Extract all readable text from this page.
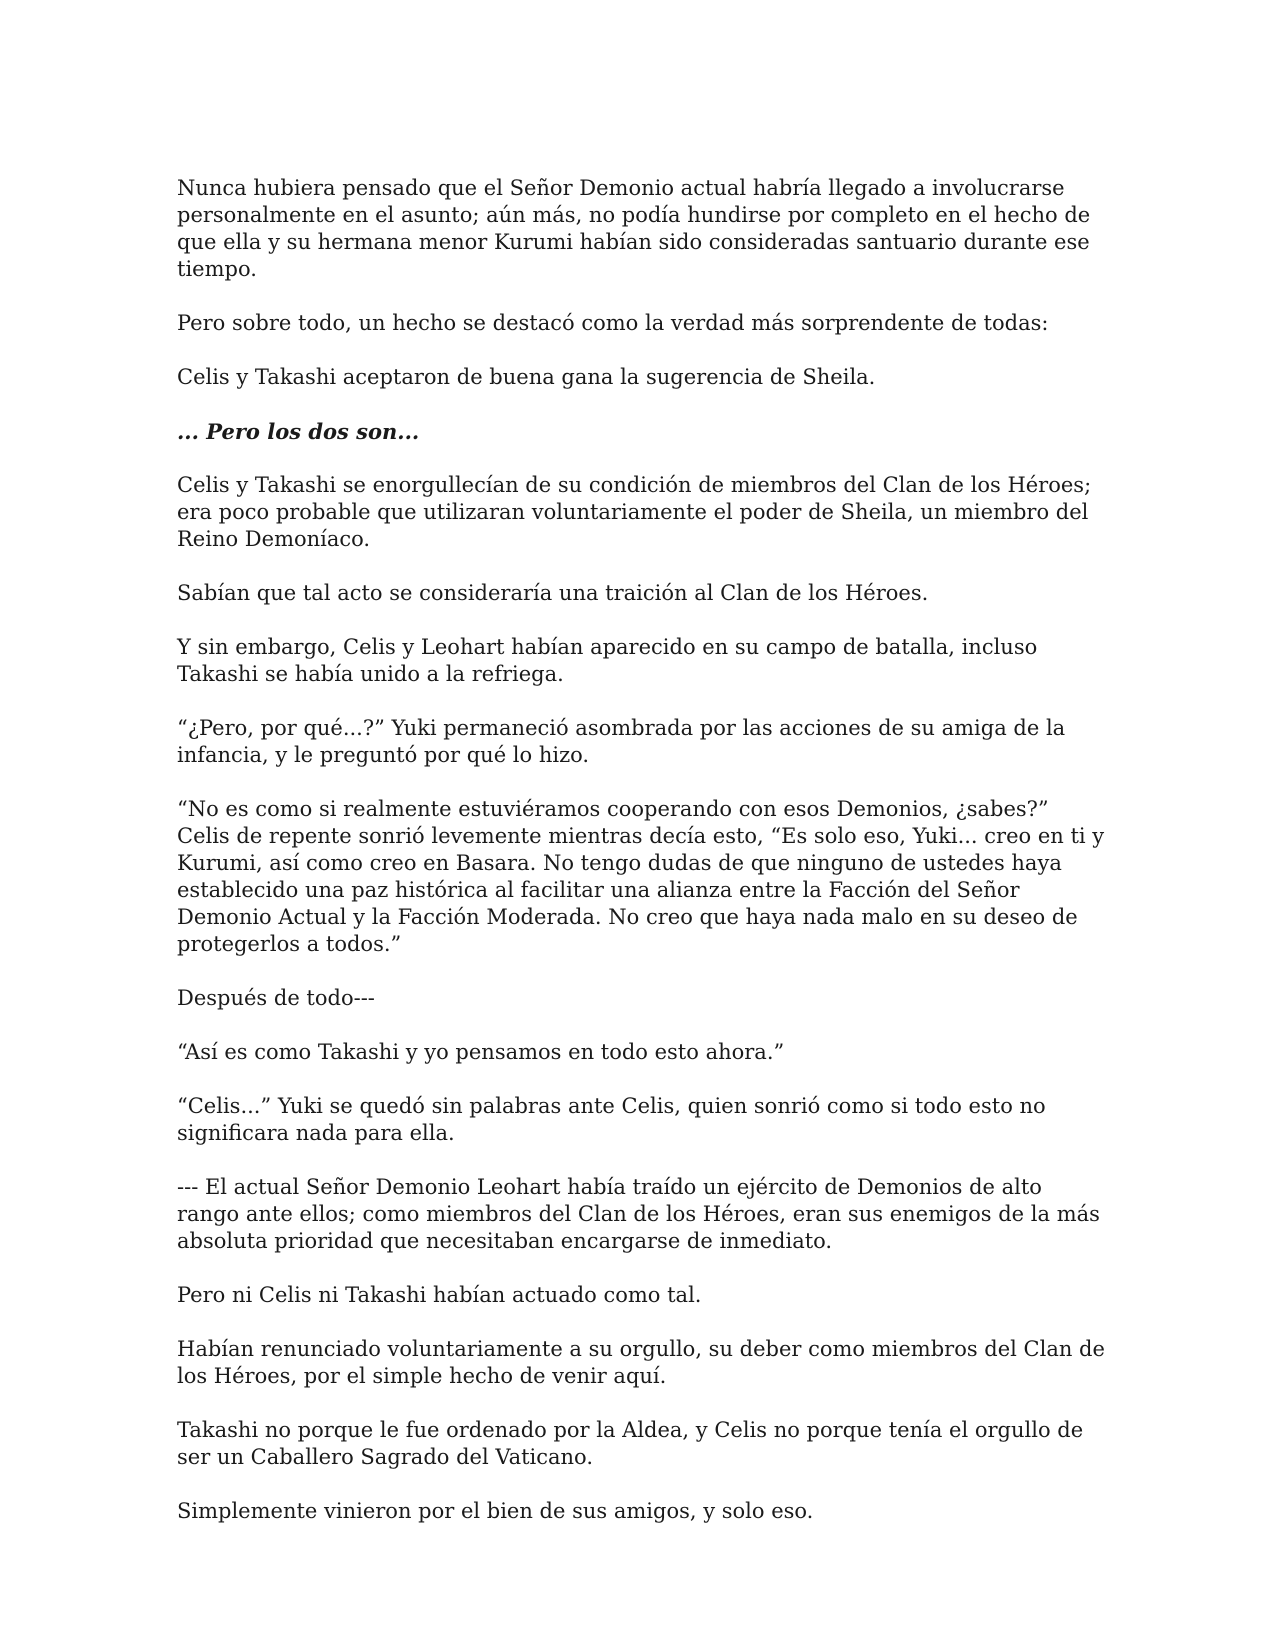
Nunca hubiera pensado que el Señor Demonio actual habría llegado a involucrarse personalmente en el asunto; aún más, no podía hundirse por completo en el hecho de que ella y su hermana menor Kurumi habían sido consideradas santuario durante ese tiempo.

Pero sobre todo, un hecho se destacó como la verdad más sorprendente de todas:

Celis y Takashi aceptaron de buena gana la sugerencia de Sheila.

... Pero los dos son...

Celis y Takashi se enorgullecían de su condición de miembros del Clan de los Héroes; era poco probable que utilizaran voluntariamente el poder de Sheila, un miembro del Reino Demoníaco.

Sabían que tal acto se consideraría una traición al Clan de los Héroes.

Y sin embargo, Celis y Leohart habían aparecido en su campo de batalla, incluso Takashi se había unido a la refriega.

“¿Pero, por qué...?” Yuki permaneció asombrada por las acciones de su amiga de la infancia, y le preguntó por qué lo hizo.

“No es como si realmente estuviéramos cooperando con esos Demonios, ¿sabes?” Celis de repente sonrió levemente mientras decía esto, “Es solo eso, Yuki... creo en ti y Kurumi, así como creo en Basara. No tengo dudas de que ninguno de ustedes haya establecido una paz histórica al facilitar una alianza entre la Facción del Señor Demonio Actual y la Facción Moderada. No creo que haya nada malo en su deseo de protegerlos a todos.”

Después de todo---

“Así es como Takashi y yo pensamos en todo esto ahora.”

“Celis...” Yuki se quedó sin palabras ante Celis, quien sonrió como si todo esto no significara nada para ella.

--- El actual Señor Demonio Leohart había traído un ejército de Demonios de alto rango ante ellos; como miembros del Clan de los Héroes, eran sus enemigos de la más absoluta prioridad que necesitaban encargarse de inmediato.

Pero ni Celis ni Takashi habían actuado como tal.

Habían renunciado voluntariamente a su orgullo, su deber como miembros del Clan de los Héroes, por el simple hecho de venir aquí.

Takashi no porque le fue ordenado por la Aldea, y Celis no porque tenía el orgullo de ser un Caballero Sagrado del Vaticano.

Simplemente vinieron por el bien de sus amigos, y solo eso.
